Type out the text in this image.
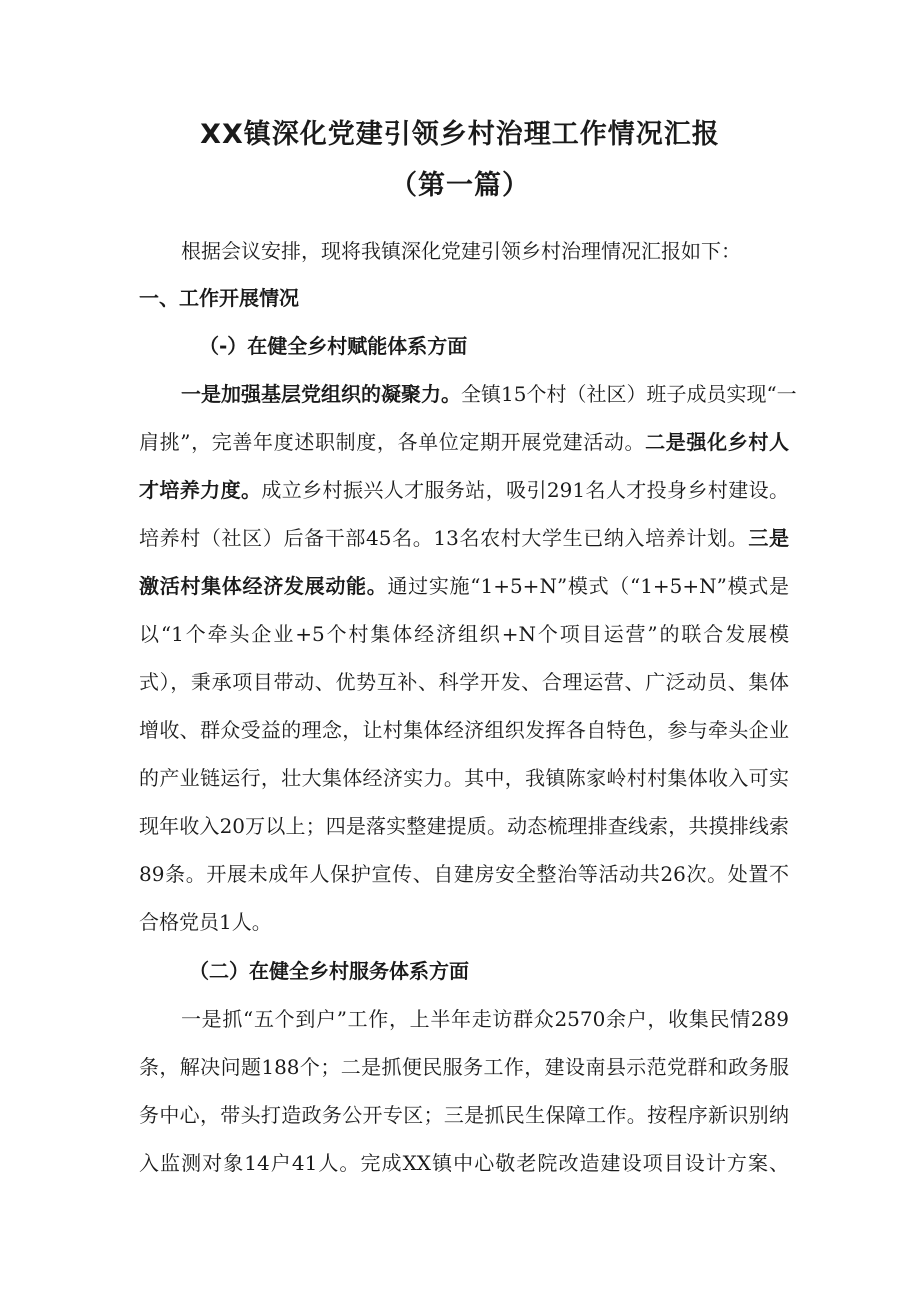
XX镇深化党建引领乡村治理工作情况汇报
（第一篇）
根据会议安排，现将我镇深化党建引领乡村治理情况汇报如下：
一、工作开展情况
（-）在健全乡村赋能体系方面
一是加强基层党组织的凝聚力。全镇15个村（社区）班子成员实现“一
肩挑”，完善年度述职制度，各单位定期开展党建活动。二是强化乡村人
才培养力度。成立乡村振兴人才服务站，吸引291名人才投身乡村建设。
培养村（社区）后备干部45名。13名农村大学生已纳入培养计划。三是
激活村集体经济发展动能。通过实施“1+5+N”模式（“1+5+N”模式是
以“1个牵头企业+5个村集体经济组织+N个项目运营”的联合发展模
式），秉承项目带动、优势互补、科学开发、合理运营、广泛动员、集体
增收、群众受益的理念，让村集体经济组织发挥各自特色，参与牵头企业
的产业链运行，壮大集体经济实力。其中，我镇陈家岭村村集体收入可实
现年收入20万以上；四是落实整建提质。动态梳理排查线索，共摸排线索
89条。开展未成年人保护宣传、自建房安全整治等活动共26次。处置不
合格党员1人。
（二）在健全乡村服务体系方面
一是抓“五个到户”工作，上半年走访群众2570余户，收集民情289
条，解决问题188个；二是抓便民服务工作，建设南县示范党群和政务服
务中心，带头打造政务公开专区；三是抓民生保障工作。按程序新识别纳
入监测对象14户41人。完成XX镇中心敬老院改造建设项目设计方案、
